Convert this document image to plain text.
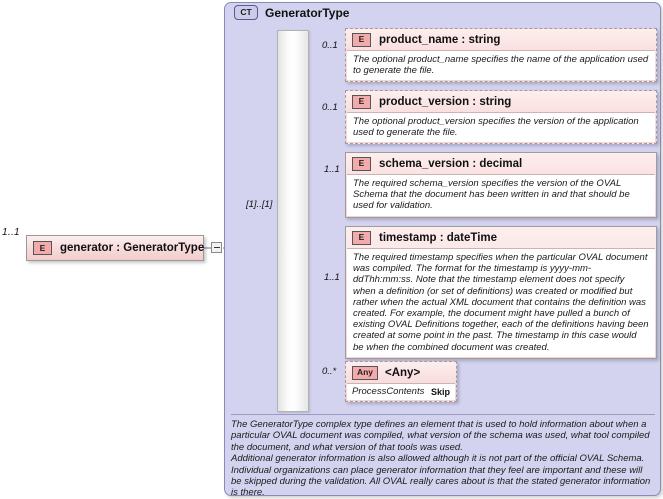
1..1
E	generator : GeneratorType
CT	GeneratorType
[1]..[1]
0..1
E	product_name : string
The optional product_name specifies the name of the application used to generate the file.
0..1
E	product_version : string
The optional product_version specifies the version of the application used to generate the file.
1..1
E	schema_version : decimal
The required schema_version specifies the version of the OVAL Schema that the document has been written in and that should be used for validation.
1..1
E	timestamp : dateTime
The required timestamp specifies when the particular OVAL document was compiled. The format for the timestamp is yyyy-mm-ddThh:mm:ss. Note that the timestamp element does not specify when a definition (or set of definitions) was created or modified but rather when the actual XML document that contains the definition was created. For example, the document might have pulled a bunch of existing OVAL Definitions together, each of the definitions having been created at some point in the past. The timestamp in this case would be when the combined document was created.
0..*	Any	<Any>
ProcessContents Skip

The GeneratorType complex type defines an element that is used to hold information about when a particular OVAL document was compiled, what version of the schema was used, what tool compiled the document, and what version of that tools was used.

Additional generator information is also allowed although it is not part of the official OVAL Schema. Individual organizations can place generator information that they feel are important and these will be skipped during the validation. All OVAL really cares about is that the stated generator information is there.
